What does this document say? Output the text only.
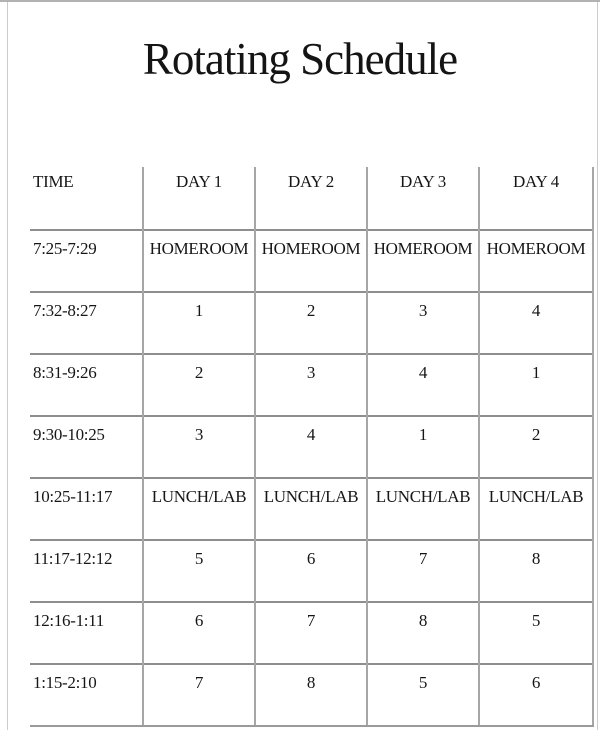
Rotating Schedule
TIME	DAY 1	DAY 2	DAY 3	DAY 4
7:25-7:29	HOMEROOM	HOMEROOM	HOMEROOM	HOMEROOM
7:32-8:27	1	2	3	4
8:31-9:26	2	3	4	1
9:30-10:25	3	4	1	2
10:25-11:17	LUNCH/LAB	LUNCH/LAB	LUNCH/LAB	LUNCH/LAB
11:17-12:12	5	6	7	8
12:16-1:11	6	7	8	5
1:15-2:10	7	8	5	6
